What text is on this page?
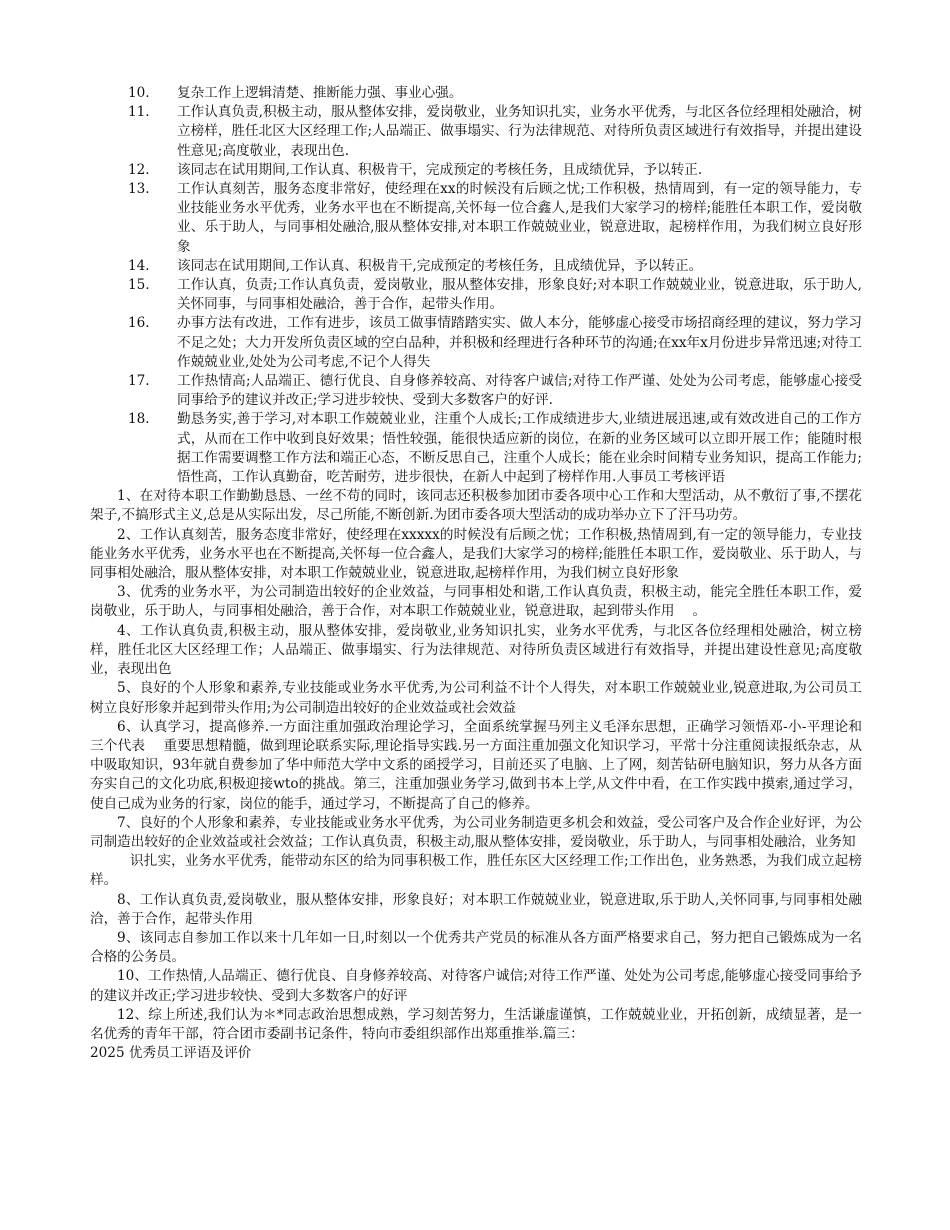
10.	复杂工作上逻辑清楚、推断能力强、事业心强。
11.	工作认真负责,积极主动，服从整体安排，爱岗敬业，业务知识扎实，业务水平优秀，与北区各位经理相处融洽，树立榜样，胜任北区大区经理工作;人品端正、做事塌实、行为法律规范、对待所负责区域进行有效指导，并提出建设性意见;高度敬业，表现出色.
12.	该同志在试用期间,工作认真、积极肯干，完成预定的考核任务，且成绩优异，予以转正.
13.	工作认真刻苦，服务态度非常好，使经理在xx的时候没有后顾之忧;工作积极，热情周到，有一定的领导能力，专业技能业务水平优秀，业务水平也在不断提高,关怀每一位合鑫人,是我们大家学习的榜样;能胜任本职工作，爱岗敬业、乐于助人，与同事相处融洽,服从整体安排,对本职工作兢兢业业，锐意进取，起榜样作用，为我们树立良好形象
14.	该同志在试用期间,工作认真、积极肯干,完成预定的考核任务，且成绩优异，予以转正。
15.	工作认真，负责;工作认真负责，爱岗敬业，服从整体安排，形象良好;对本职工作兢兢业业，锐意进取，乐于助人,关怀同事，与同事相处融洽，善于合作，起带头作用。
16.	办事方法有改进，工作有进步，该员工做事情踏踏实实、做人本分，能够虚心接受市场招商经理的建议，努力学习不足之处；大力开发所负责区域的空白品种，并积极和经理进行各种环节的沟通;在xx年x月份进步异常迅速;对待工作兢兢业业,处处为公司考虑,不记个人得失
17.	工作热情高;人品端正、德行优良、自身修养较高、对待客户诚信;对待工作严谨、处处为公司考虑，能够虚心接受同事给予的建议并改正;学习进步较快、受到大多数客户的好评.
18.	勤恳务实,善于学习,对本职工作兢兢业业，注重个人成长;工作成绩进步大,业绩进展迅速,或有效改进自己的工作方式，从而在工作中收到良好效果；悟性较强，能很快适应新的岗位，在新的业务区域可以立即开展工作；能随时根据工作需要调整工作方法和端正心态，不断反思自己，注重个人成长；能在业余时间精专业务知识，提高工作能力;悟性高，工作认真勤奋，吃苦耐劳，进步很快，在新人中起到了榜样作用.人事员工考核评语
1、在对待本职工作勤勤恳恳、一丝不苟的同时，该同志还积极参加团市委各项中心工作和大型活动，从不敷衍了事,不摆花架子,不搞形式主义,总是从实际出发，尽己所能,不断创新.为团市委各项大型活动的成功举办立下了汗马功劳。
2、工作认真刻苦，服务态度非常好，使经理在xxxxx的时候没有后顾之忧；工作积极,热情周到,有一定的领导能力，专业技能业务水平优秀，业务水平也在不断提高,关怀每一位合鑫人，是我们大家学习的榜样;能胜任本职工作，爱岗敬业、乐于助人，与同事相处融洽，服从整体安排，对本职工作兢兢业业，锐意进取,起榜样作用，为我们树立良好形象
3、优秀的业务水平，为公司制造出较好的企业效益，与同事相处和谐,工作认真负责，积极主动，能完全胜任本职工作，爱岗敬业，乐于助人，与同事相处融洽，善于合作，对本职工作兢兢业业，锐意进取，起到带头作用　 。
4、工作认真负责,积极主动，服从整体安排，爱岗敬业,业务知识扎实，业务水平优秀，与北区各位经理相处融洽，树立榜样，胜任北区大区经理工作；人品端正、做事塌实、行为法律规范、对待所负责区域进行有效指导，并提出建设性意见;高度敬业，表现出色
5、良好的个人形象和素养,专业技能或业务水平优秀,为公司利益不计个人得失，对本职工作兢兢业业,锐意进取,为公司员工树立良好形象并起到带头作用;为公司制造出较好的企业效益或社会效益
6、认真学习，提高修养.一方面注重加强政治理论学习，全面系统掌握马列主义毛泽东思想，正确学习领悟邓-小-平理论和　三个代表　 重要思想精髓，做到理论联系实际,理论指导实践.另一方面注重加强文化知识学习，平常十分注重阅读报纸杂志，从中吸取知识，93年就自费参加了华中师范大学中文系的函授学习，目前还买了电脑、上了网，刻苦钻研电脑知识，努力从各方面夯实自己的文化功底,积极迎接wto的挑战。第三，注重加强业务学习,做到书本上学,从文件中看，在工作实践中摸索,通过学习，使自己成为业务的行家，岗位的能手，通过学习，不断提高了自己的修养。
7、良好的个人形象和素养，专业技能或业务水平优秀，为公司业务制造更多机会和效益，受公司客户及合作企业好评，为公司制造出较好的企业效益或社会效益；工作认真负责，积极主动,服从整体安排，爱岗敬业，乐于助人，与同事相处融洽，业务知
识扎实，业务水平优秀，能带动东区的给为同事积极工作，胜任东区大区经理工作;工作出色，业务熟悉，为我们成立起榜样。
8、工作认真负责,爱岗敬业，服从整体安排，形象良好；对本职工作兢兢业业，锐意进取,乐于助人,关怀同事,与同事相处融洽，善于合作，起带头作用
9、该同志自参加工作以来十几年如一日,时刻以一个优秀共产党员的标准从各方面严格要求自己，努力把自己锻炼成为一名合格的公务员。
10、工作热情,人品端正、德行优良、自身修养较高、对待客户诚信;对待工作严谨、处处为公司考虑,能够虚心接受同事给予的建议并改正;学习进步较快、受到大多数客户的好评
12、综上所述,我们认为＊*同志政治思想成熟，学习刻苦努力，生活谦虚谨慎，工作兢兢业业，开拓创新，成绩显著，是一名优秀的青年干部，符合团市委副书记条件，特向市委组织部作出郑重推举.篇三：
2025 优秀员工评语及评价
